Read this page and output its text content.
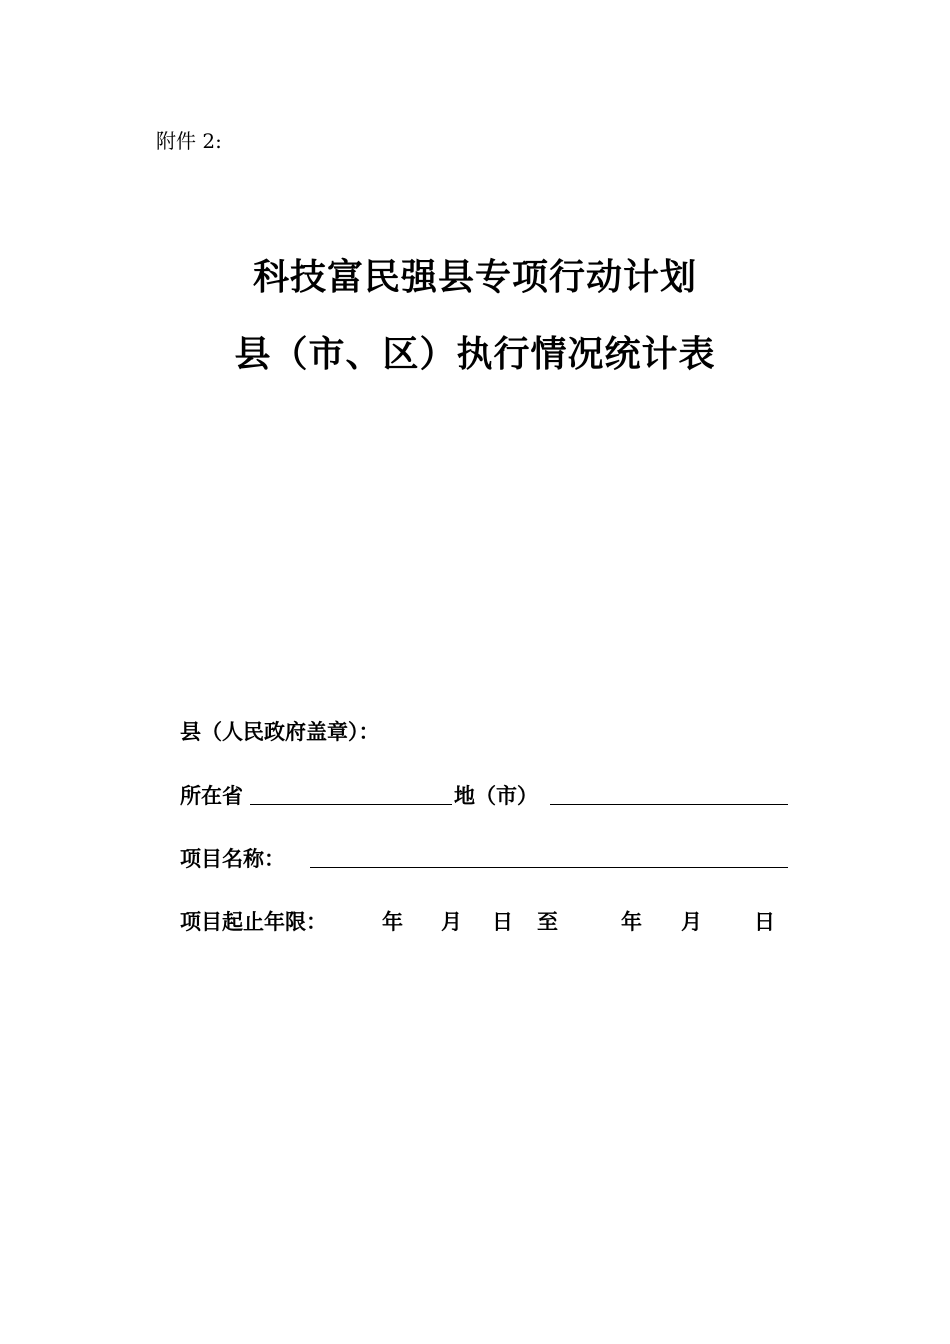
附件 2:
科技富民强县专项行动计划
县（市、区）执行情况统计表
县（人民政府盖章）：
所在省	地（市）
项目名称：
项目起止年限：	年 月 日 至	年 月 日
